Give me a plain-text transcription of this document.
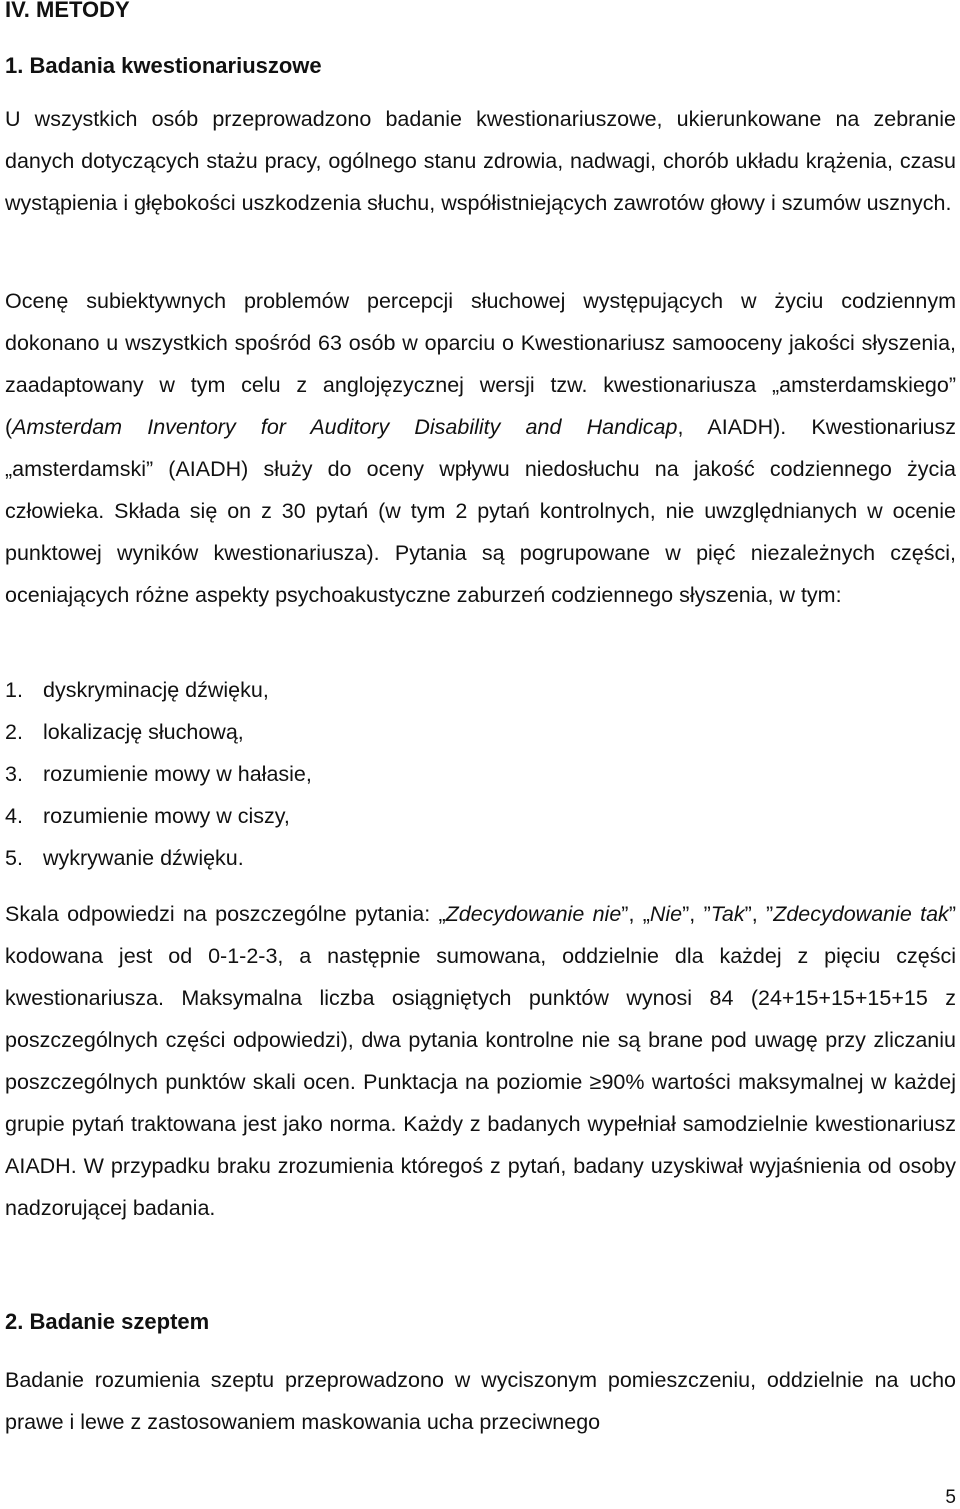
IV. METODY
1. Badania kwestionariuszowe

U wszystkich osób przeprowadzono badanie kwestionariuszowe, ukierunkowane na zebranie danych dotyczących stażu pracy, ogólnego stanu zdrowia, nadwagi, chorób układu krążenia, czasu wystąpienia i głębokości uszkodzenia słuchu, współistniejących zawrotów głowy i szumów usznych.

Ocenę subiektywnych problemów percepcji słuchowej występujących w życiu codziennym dokonano u wszystkich spośród 63 osób w oparciu o Kwestionariusz samooceny jakości słyszenia, zaadaptowany w tym celu z anglojęzycznej wersji tzw. kwestionariusza „amsterdamskiego” (Amsterdam Inventory for Auditory Disability and Handicap, AIADH). Kwestionariusz „amsterdamski” (AIADH) służy do oceny wpływu niedosłuchu na jakość codziennego życia człowieka. Składa się on z 30 pytań (w tym 2 pytań kontrolnych, nie uwzględnianych w ocenie punktowej wyników kwestionariusza). Pytania są pogrupowane w pięć niezależnych części, oceniających różne aspekty psychoakustyczne zaburzeń codziennego słyszenia, w tym:

1. dyskryminację dźwięku,
2. lokalizację słuchową,
3. rozumienie mowy w hałasie,
4. rozumienie mowy w ciszy,
5. wykrywanie dźwięku.

Skala odpowiedzi na poszczególne pytania: „Zdecydowanie nie”, „Nie”, ”Tak”, ”Zdecydowanie tak” kodowana jest od 0-1-2-3, a następnie sumowana, oddzielnie dla każdej z pięciu części kwestionariusza. Maksymalna liczba osiągniętych punktów wynosi 84 (24+15+15+15+15 z poszczególnych części odpowiedzi), dwa pytania kontrolne nie są brane pod uwagę przy zliczaniu poszczególnych punktów skali ocen. Punktacja na poziomie ≥90% wartości maksymalnej w każdej grupie pytań traktowana jest jako norma. Każdy z badanych wypełniał samodzielnie kwestionariusz AIADH. W przypadku braku zrozumienia któregoś z pytań, badany uzyskiwał wyjaśnienia od osoby nadzorującej badania.

2. Badanie szeptem

Badanie rozumienia szeptu przeprowadzono w wyciszonym pomieszczeniu, oddzielnie na ucho prawe i lewe z zastosowaniem maskowania ucha przeciwnego

5
